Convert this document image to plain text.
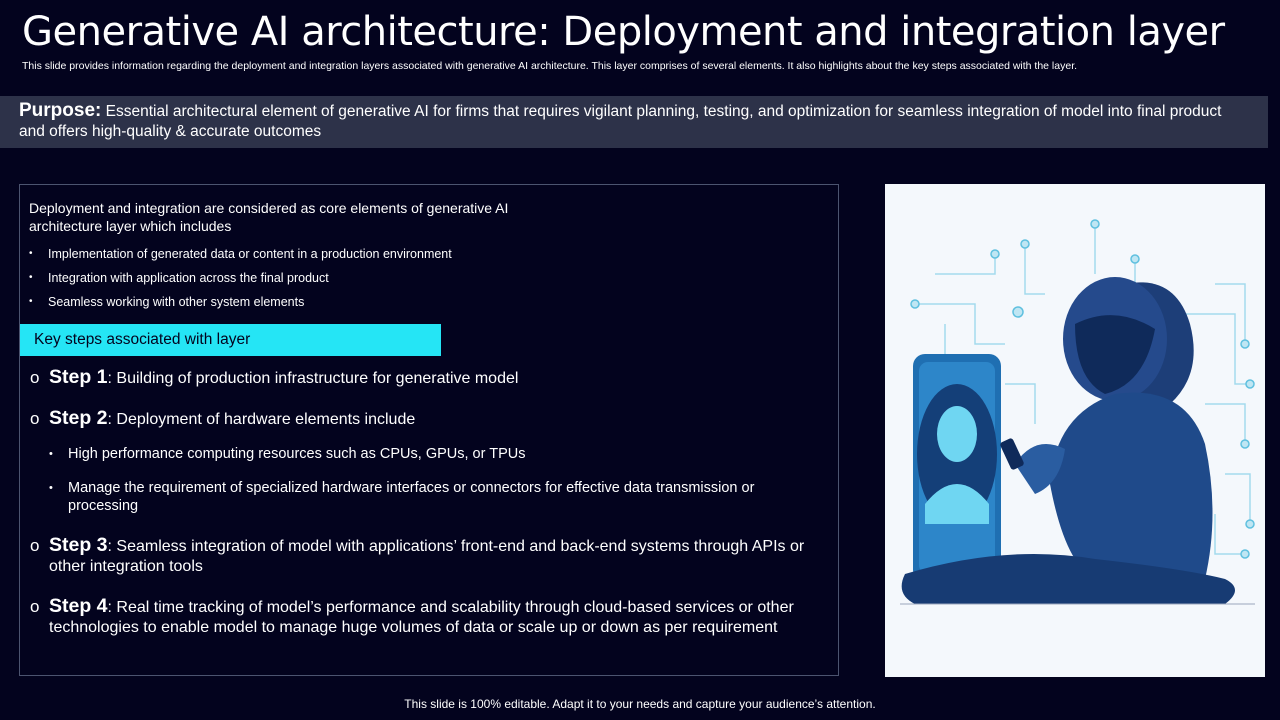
Generative AI architecture: Deployment and integration layer
This slide provides information regarding the deployment and integration layers associated with generative AI architecture. This layer comprises of several elements. It also highlights about the key steps associated with the layer.
Purpose: Essential architectural element of generative AI for firms that requires vigilant planning, testing, and optimization for seamless integration of model into final product and offers high-quality & accurate outcomes
Deployment and integration are considered as core elements of generative AI architecture layer which includes
• Implementation of generated data or content in a production environment
• Integration with application across the final product
• Seamless working with other system elements
Key steps associated with layer
o Step 1: Building of production infrastructure for generative model
o Step 2: Deployment of hardware elements include
• High performance computing resources such as CPUs, GPUs, or TPUs
• Manage the requirement of specialized hardware interfaces or connectors for effective data transmission or processing
o Step 3: Seamless integration of model with applications’ front-end and back-end systems through APIs or other integration tools
o Step 4: Real time tracking of model’s performance and scalability through cloud-based services or other technologies to enable model to manage huge volumes of data or scale up or down as per requirement
This slide is 100% editable. Adapt it to your needs and capture your audience’s attention.
